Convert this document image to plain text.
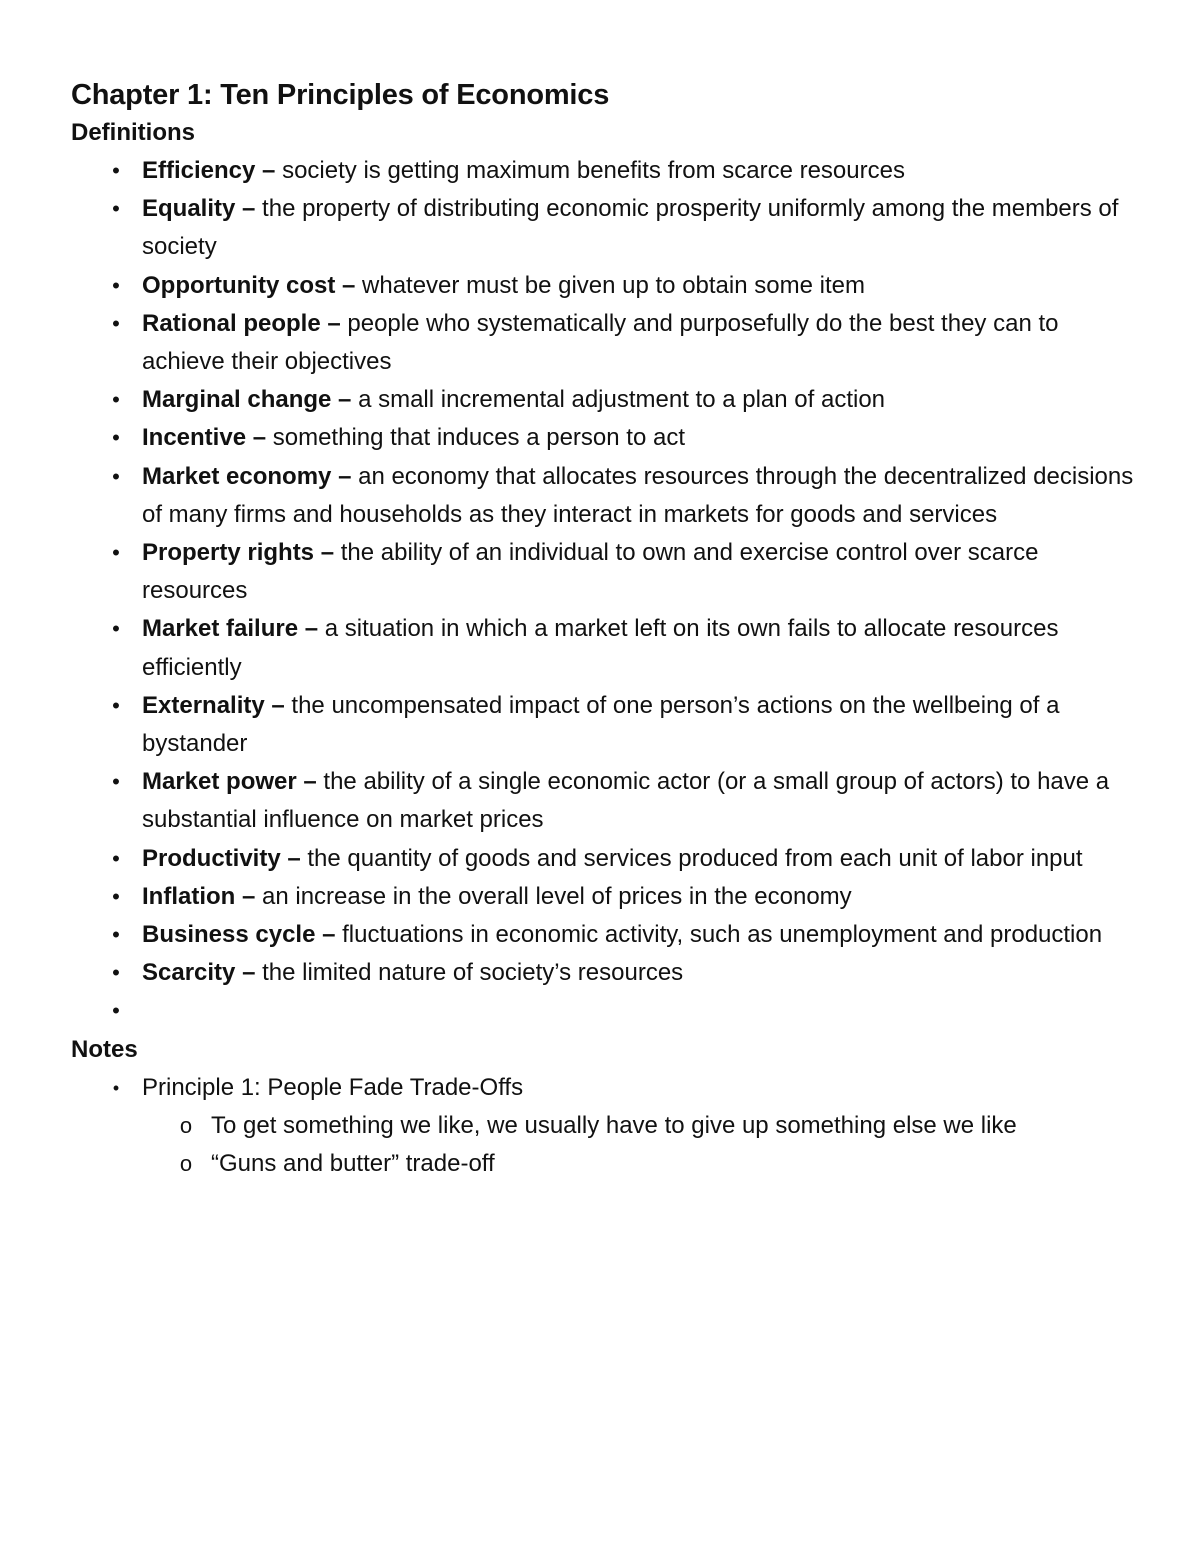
Chapter 1: Ten Principles of Economics
Definitions
• Efficiency – society is getting maximum benefits from scarce resources
• Equality – the property of distributing economic prosperity uniformly among the members of society
• Opportunity cost – whatever must be given up to obtain some item
• Rational people – people who systematically and purposefully do the best they can to achieve their objectives
• Marginal change – a small incremental adjustment to a plan of action
• Incentive – something that induces a person to act
• Market economy – an economy that allocates resources through the decentralized decisions of many firms and households as they interact in markets for goods and services
• Property rights – the ability of an individual to own and exercise control over scarce resources
• Market failure – a situation in which a market left on its own fails to allocate resources efficiently
• Externality – the uncompensated impact of one person’s actions on the wellbeing of a bystander
• Market power – the ability of a single economic actor (or a small group of actors) to have a substantial influence on market prices
• Productivity – the quantity of goods and services produced from each unit of labor input
• Inflation – an increase in the overall level of prices in the economy
• Business cycle – fluctuations in economic activity, such as unemployment and production
• Scarcity – the limited nature of society’s resources
•

Notes
• Principle 1: People Fade Trade-Offs
o To get something we like, we usually have to give up something else we like
o “Guns and butter” trade-off
